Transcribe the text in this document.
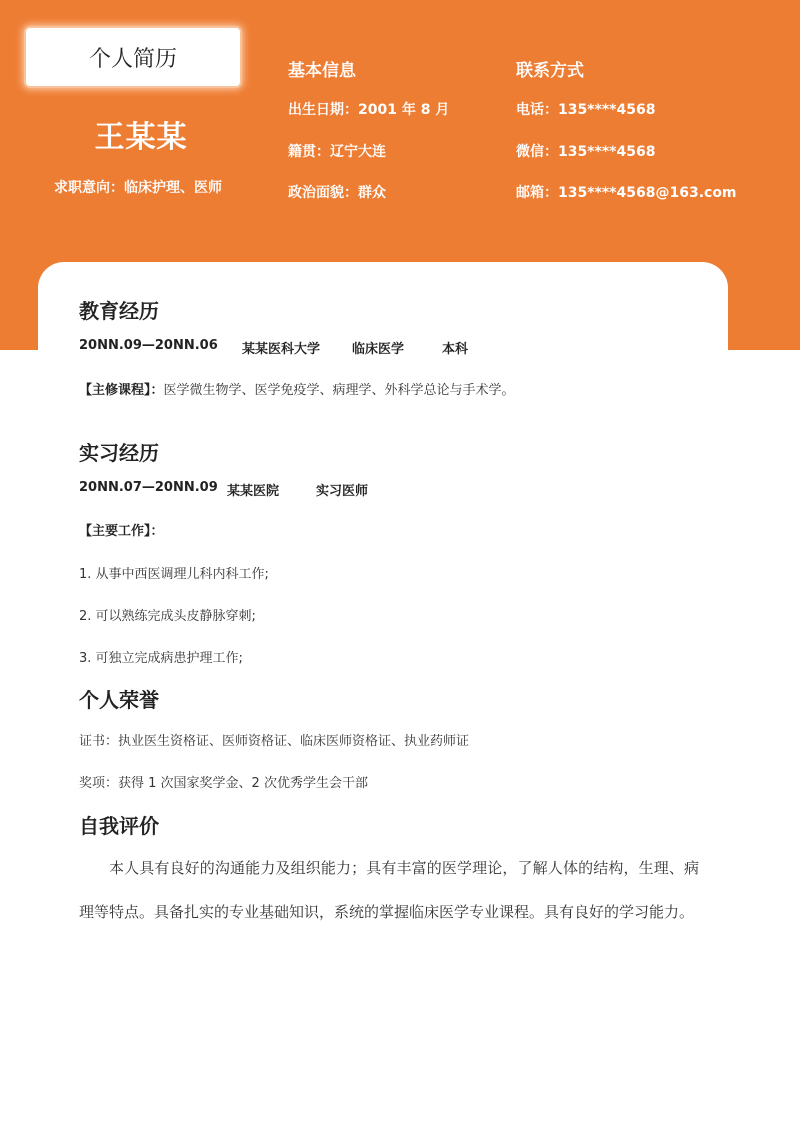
个人简历
王某某
求职意向：临床护理、医师
基本信息
出生日期：2001 年 8 月
籍贯：辽宁大连
政治面貌：群众
联系方式
电话：135****4568
微信：135****4568
邮箱：135****4568@163.com
教育经历
20NN.09—20NN.06 某某医科大学 临床医学	本科
【主修课程】：医学微生物学、医学免疫学、病理学、外科学总论与手术学。
实习经历
20NN.07—20NN.09 某某医院	实习医师
【主要工作】：
1. 从事中西医调理儿科内科工作;
2. 可以熟练完成头皮静脉穿刺;
3. 可独立完成病患护理工作;
个人荣誉
证书：执业医生资格证、医师资格证、临床医师资格证、执业药师证
奖项：获得 1 次国家奖学金、2 次优秀学生会干部
自我评价
本人具有良好的沟通能力及组织能力；具有丰富的医学理论，了解人体的结构，生理、病理等特点。具备扎实的专业基础知识，系统的掌握临床医学专业课程。具有良好的学习能力。
